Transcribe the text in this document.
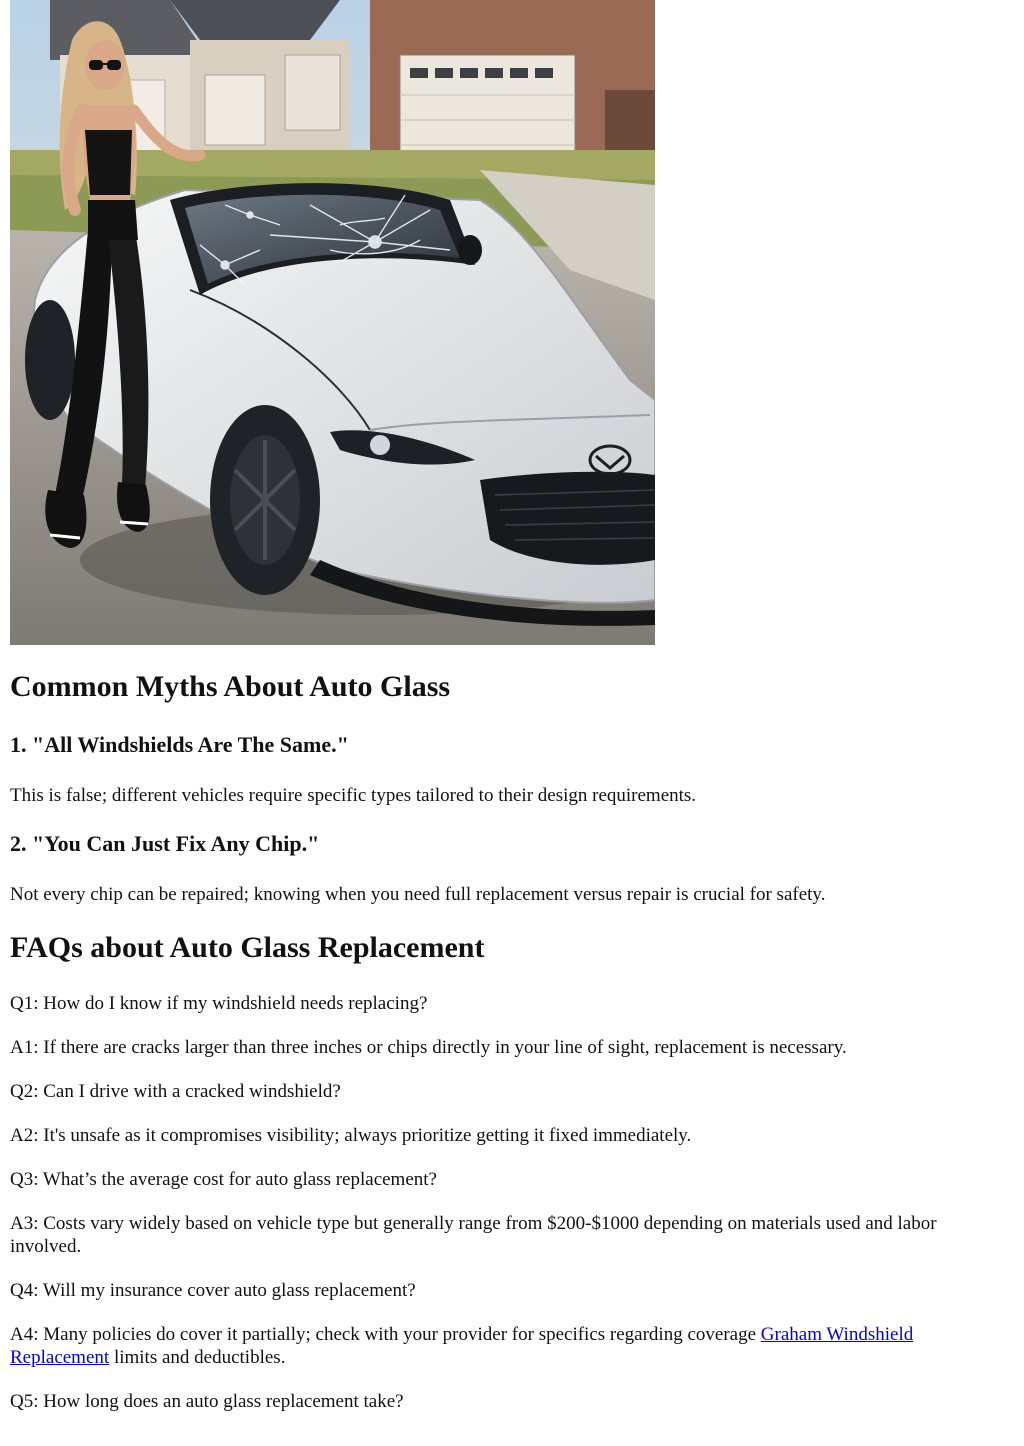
Common Myths About Auto Glass
1. "All Windshields Are The Same."

This is false; different vehicles require specific types tailored to their design requirements.

2. "You Can Just Fix Any Chip."

Not every chip can be repaired; knowing when you need full replacement versus repair is crucial for safety.

FAQs about Auto Glass Replacement

Q1: How do I know if my windshield needs replacing?

A1: If there are cracks larger than three inches or chips directly in your line of sight, replacement is necessary.

Q2: Can I drive with a cracked windshield?

A2: It's unsafe as it compromises visibility; always prioritize getting it fixed immediately.

Q3: What’s the average cost for auto glass replacement?

A3: Costs vary widely based on vehicle type but generally range from $200-$1000 depending on materials used and labor involved.

Q4: Will my insurance cover auto glass replacement?

A4: Many policies do cover it partially; check with your provider for specifics regarding coverage Graham Windshield Replacement limits and deductibles.

Q5: How long does an auto glass replacement take?
